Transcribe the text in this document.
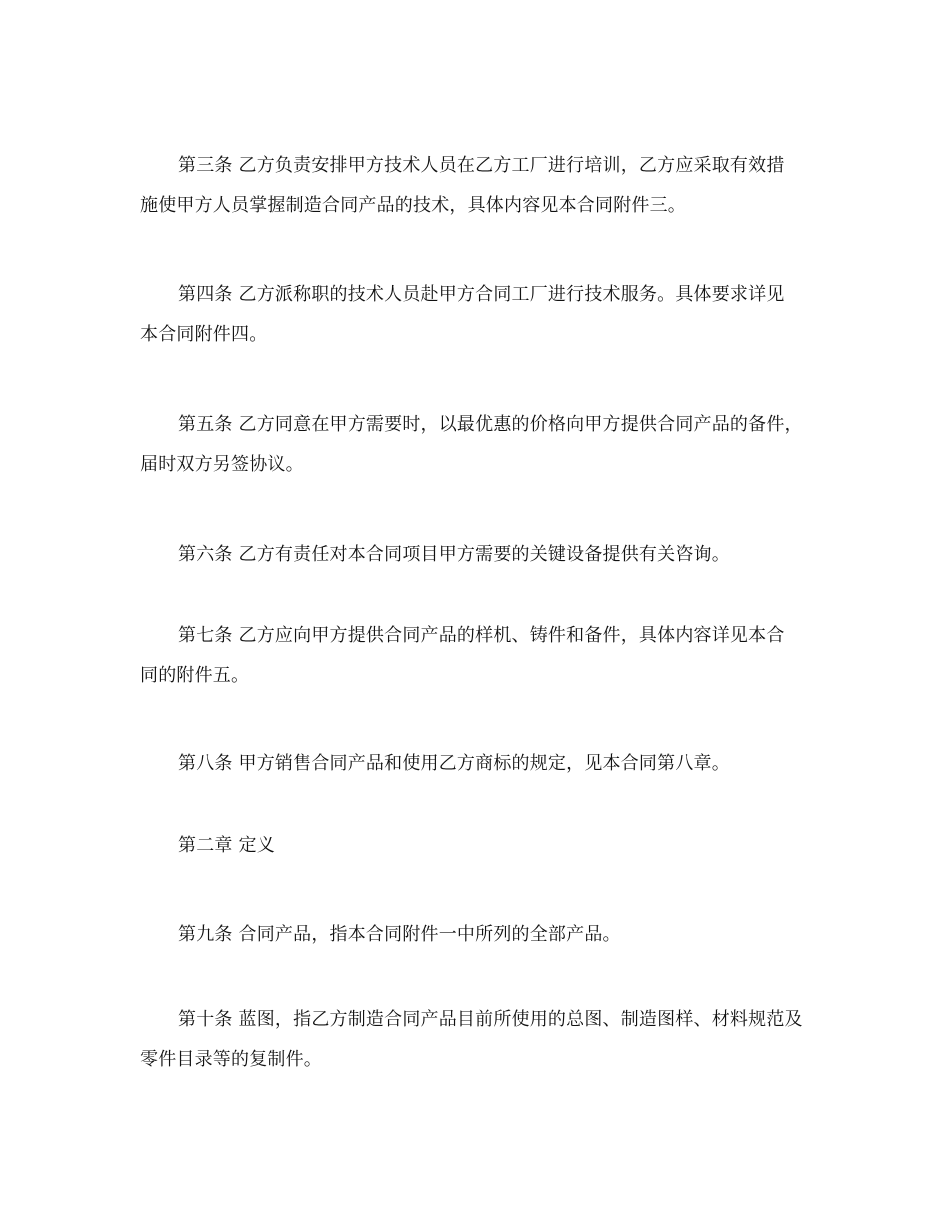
第三条 乙方负责安排甲方技术人员在乙方工厂进行培训，乙方应采取有效措
施使甲方人员掌握制造合同产品的技术，具体内容见本合同附件三。
第四条 乙方派称职的技术人员赴甲方合同工厂进行技术服务。具体要求详见
本合同附件四。
第五条 乙方同意在甲方需要时，以最优惠的价格向甲方提供合同产品的备件，
届时双方另签协议。
第六条 乙方有责任对本合同项目甲方需要的关键设备提供有关咨询。
第七条 乙方应向甲方提供合同产品的样机、铸件和备件，具体内容详见本合
同的附件五。
第八条 甲方销售合同产品和使用乙方商标的规定，见本合同第八章。
第二章 定义
第九条 合同产品，指本合同附件一中所列的全部产品。
第十条 蓝图，指乙方制造合同产品目前所使用的总图、制造图样、材料规范及
零件目录等的复制件。
